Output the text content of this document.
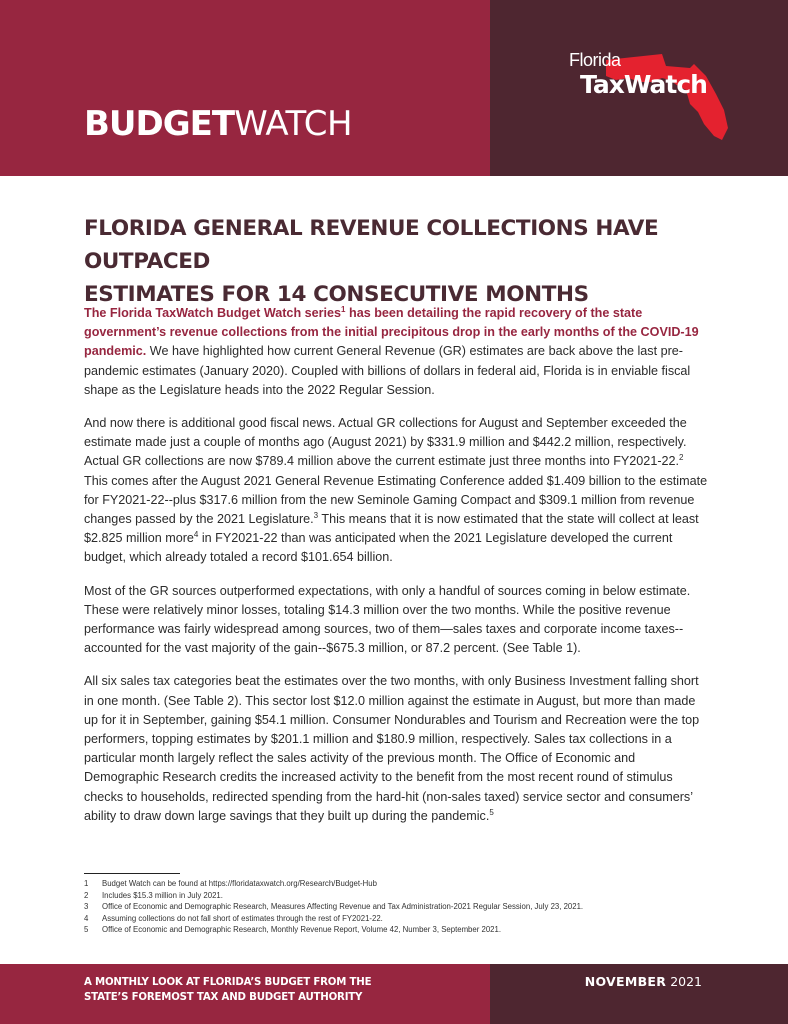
BUDGETWATCH
Florida
TaxWatch
FLORIDA GENERAL REVENUE COLLECTIONS HAVE OUTPACED
ESTIMATES FOR 14 CONSECUTIVE MONTHS

The Florida TaxWatch Budget Watch series$^1$ has been detailing the rapid recovery of the state government’s revenue collections from the initial precipitous drop in the early months of the COVID-19 pandemic. We have highlighted how current General Revenue (GR) estimates are back above the last pre-pandemic estimates (January 2020). Coupled with billions of dollars in federal aid, Florida is in enviable fiscal shape as the Legislature heads into the 2022 Regular Session.

And now there is additional good fiscal news. Actual GR collections for August and September exceeded the estimate made just a couple of months ago (August 2021) by $331.9 million and $442.2 million, respectively. Actual GR collections are now $789.4 million above the current estimate just three months into FY2021-22.$^2$ This comes after the August 2021 General Revenue Estimating Conference added $1.409 billion to the estimate for FY2021-22--plus $317.6 million from the new Seminole Gaming Compact and $309.1 million from revenue changes passed by the 2021 Legislature.$^3$ This means that it is now estimated that the state will collect at least $2.825 million more$^4$ in FY2021-22 than was anticipated when the 2021 Legislature developed the current budget, which already totaled a record $101.654 billion.

Most of the GR sources outperformed expectations, with only a handful of sources coming in below estimate. These were relatively minor losses, totaling $14.3 million over the two months. While the positive revenue performance was fairly widespread among sources, two of them—sales taxes and corporate income taxes--accounted for the vast majority of the gain--$675.3 million, or 87.2 percent. (See Table 1).

All six sales tax categories beat the estimates over the two months, with only Business Investment falling short in one month. (See Table 2). This sector lost $12.0 million against the estimate in August, but more than made up for it in September, gaining $54.1 million. Consumer Nondurables and Tourism and Recreation were the top performers, topping estimates by $201.1 million and $180.9 million, respectively. Sales tax collections in a particular month largely reflect the sales activity of the previous month. The Office of Economic and Demographic Research credits the increased activity to the benefit from the most recent round of stimulus checks to households, redirected spending from the hard-hit (non-sales taxed) service sector and consumers’ ability to draw down large savings that they built up during the pandemic.$^5$

1	Budget Watch can be found at https://floridataxwatch.org/Research/Budget-Hub
2	Includes $15.3 million in July 2021.
3	Office of Economic and Demographic Research, Measures Affecting Revenue and Tax Administration-2021 Regular Session, July 23, 2021.
4	Assuming collections do not fall short of estimates through the rest of FY2021-22.
5	Office of Economic and Demographic Research, Monthly Revenue Report, Volume 42, Number 3, September 2021.
A MONTHLY LOOK AT FLORIDA’S BUDGET FROM THE
STATE’S FOREMOST TAX AND BUDGET AUTHORITY
NOVEMBER 2021
